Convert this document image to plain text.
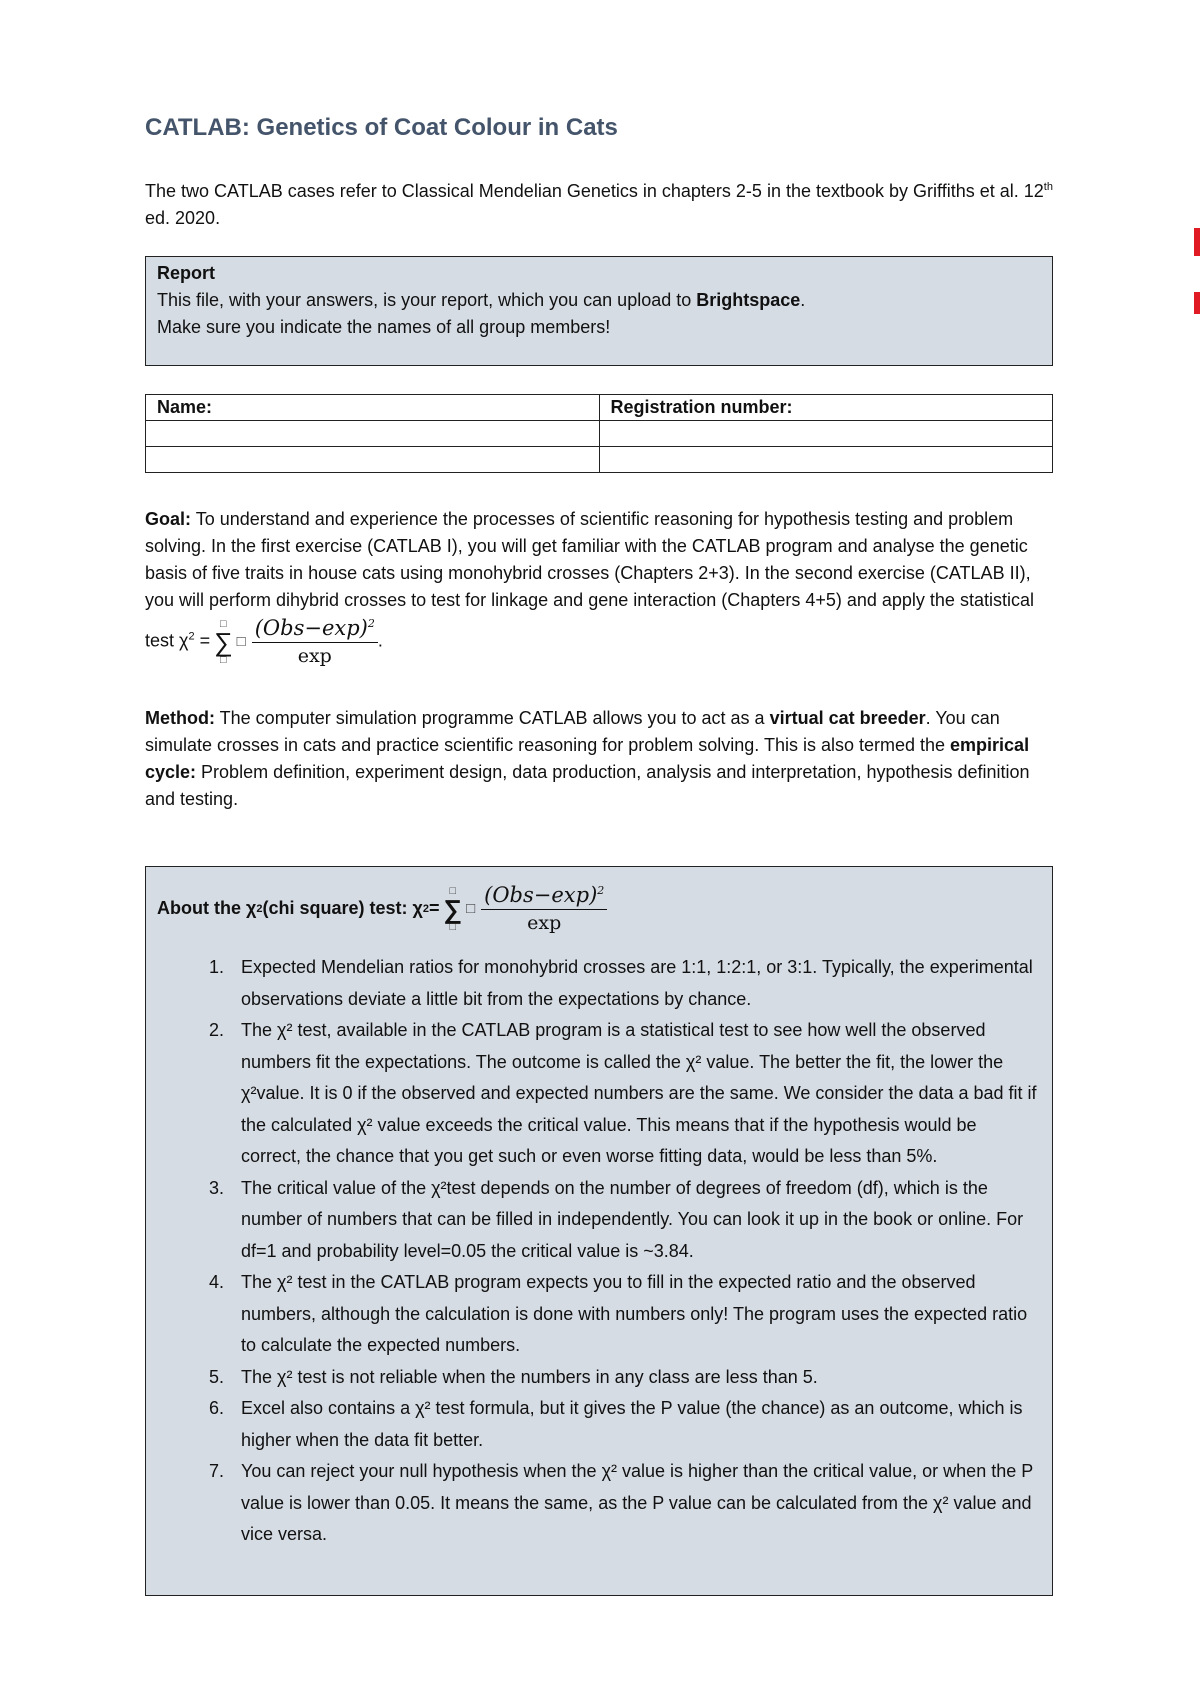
CATLAB: Genetics of Coat Colour in Cats
The two CATLAB cases refer to Classical Mendelian Genetics in chapters 2-5 in the textbook by Griffiths et al. 12th ed. 2020.
Report
This file, with your answers, is your report, which you can upload to Brightspace.
Make sure you indicate the names of all group members!
Name:	Registration number:

Goal: To understand and experience the processes of scientific reasoning for hypothesis testing and problem solving. In the first exercise (CATLAB I), you will get familiar with the CATLAB program and analyse the genetic basis of five traits in house cats using monohybrid crosses (Chapters 2+3). In the second exercise (CATLAB II), you will perform dihybrid crosses to test for linkage and gene interaction (Chapters 4+5) and apply the statistical test $\chi^2$ =
□
∑
□
□ $\frac{(Obs-\exp)^2}{\exp}$ .
Method: The computer simulation programme CATLAB allows you to act as a virtual cat breeder. You can simulate crosses in cats and practice scientific reasoning for problem solving. This is also termed the empirical cycle: Problem definition, experiment design, data production, analysis and interpretation, hypothesis definition and testing.
About the χ 2 (chi square) test: χ 2 =
□
∑
□
□ $\frac{(Obs-\exp)^2}{\exp}$
1. Expected Mendelian ratios for monohybrid crosses are 1:1, 1:2:1, or 3:1. Typically, the experimental observations deviate a little bit from the expectations by chance.
2. The χ² test, available in the CATLAB program is a statistical test to see how well the observed numbers fit the expectations. The outcome is called the χ² value. The better the fit, the lower the χ²value. It is 0 if the observed and expected numbers are the same. We consider the data a bad fit if the calculated χ² value exceeds the critical value. This means that if the hypothesis would be correct, the chance that you get such or even worse fitting data, would be less than 5%.
3. The critical value of the χ²test depends on the number of degrees of freedom (df), which is the number of numbers that can be filled in independently. You can look it up in the book or online. For df=1 and probability level=0.05 the critical value is ~3.84.
4. The χ² test in the CATLAB program expects you to fill in the expected ratio and the observed numbers, although the calculation is done with numbers only! The program uses the expected ratio to calculate the expected numbers.
5. The χ² test is not reliable when the numbers in any class are less than 5.
6. Excel also contains a χ² test formula, but it gives the P value (the chance) as an outcome, which is higher when the data fit better.
7. You can reject your null hypothesis when the χ² value is higher than the critical value, or when the P value is lower than 0.05. It means the same, as the P value can be calculated from the χ² value and vice versa.
